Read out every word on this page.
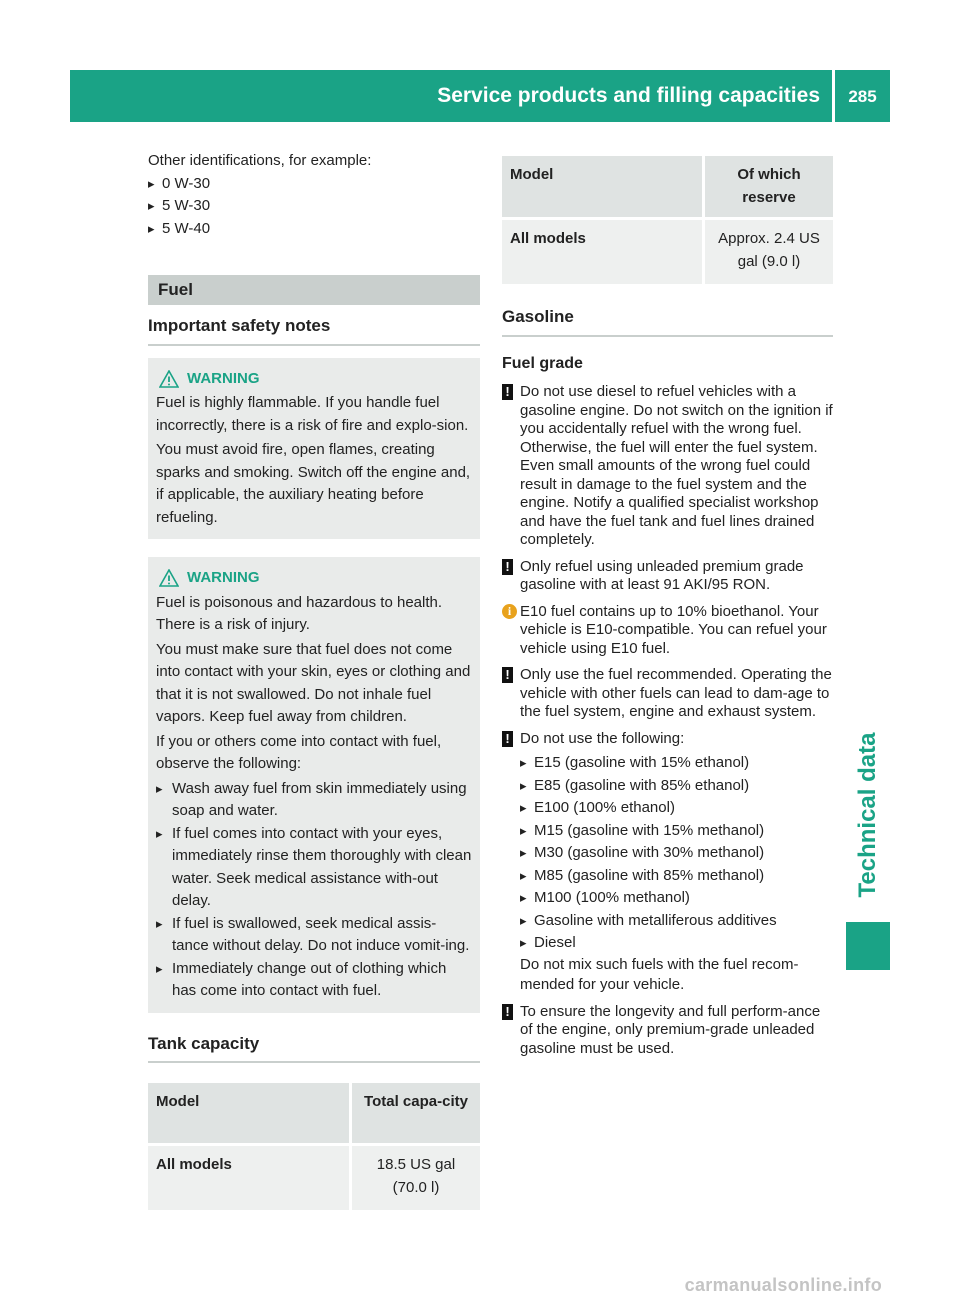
Service products and filling capacities	285
Technical data

Other identifications, for example:

▸ 0 W-30
▸ 5 W-30
▸ 5 W-40
Fuel
Important safety notes
WARNING

Fuel is highly flammable. If you handle fuel incorrectly, there is a risk of fire and explo-sion.

You must avoid fire, open flames, creating sparks and smoking. Switch off the engine and, if applicable, the auxiliary heating before refueling.

WARNING

Fuel is poisonous and hazardous to health. There is a risk of injury.

You must make sure that fuel does not come into contact with your skin, eyes or clothing and that it is not swallowed. Do not inhale fuel vapors. Keep fuel away from children.

If you or others come into contact with fuel, observe the following:

▸ Wash away fuel from skin immediately using soap and water.
▸ If fuel comes into contact with your eyes, immediately rinse them thoroughly with clean water. Seek medical assistance with-out delay.
▸ If fuel is swallowed, seek medical assis-tance without delay. Do not induce vomit-ing.
▸ Immediately change out of clothing which has come into contact with fuel.
Tank capacity
Model	Total capa-city
All models	18.5 US gal (70.0 l)
Model	Of which reserve
All models	Approx. 2.4 US gal (9.0 l)
Gasoline
Fuel grade
! Do not use diesel to refuel vehicles with a gasoline engine. Do not switch on the ignition if you accidentally refuel with the wrong fuel. Otherwise, the fuel will enter the fuel system. Even small amounts of the wrong fuel could result in damage to the fuel system and the engine. Notify a qualified specialist workshop and have the fuel tank and fuel lines drained completely.
! Only refuel using unleaded premium grade gasoline with at least 91 AKI/95 RON.
i E10 fuel contains up to 10% bioethanol. Your vehicle is E10-compatible. You can refuel your vehicle using E10 fuel.
! Only use the fuel recommended. Operating the vehicle with other fuels can lead to dam-age to the fuel system, engine and exhaust system.
! Do not use the following:
▸ E15 (gasoline with 15% ethanol)
▸ E85 (gasoline with 85% ethanol)
▸ E100 (100% ethanol)
▸ M15 (gasoline with 15% methanol)
▸ M30 (gasoline with 30% methanol)
▸ M85 (gasoline with 85% methanol)
▸ M100 (100% methanol)
▸ Gasoline with metalliferous additives
▸ Diesel

Do not mix such fuels with the fuel recom-mended for your vehicle.

! To ensure the longevity and full perform-ance of the engine, only premium-grade unleaded gasoline must be used.
carmanualsonline.info
